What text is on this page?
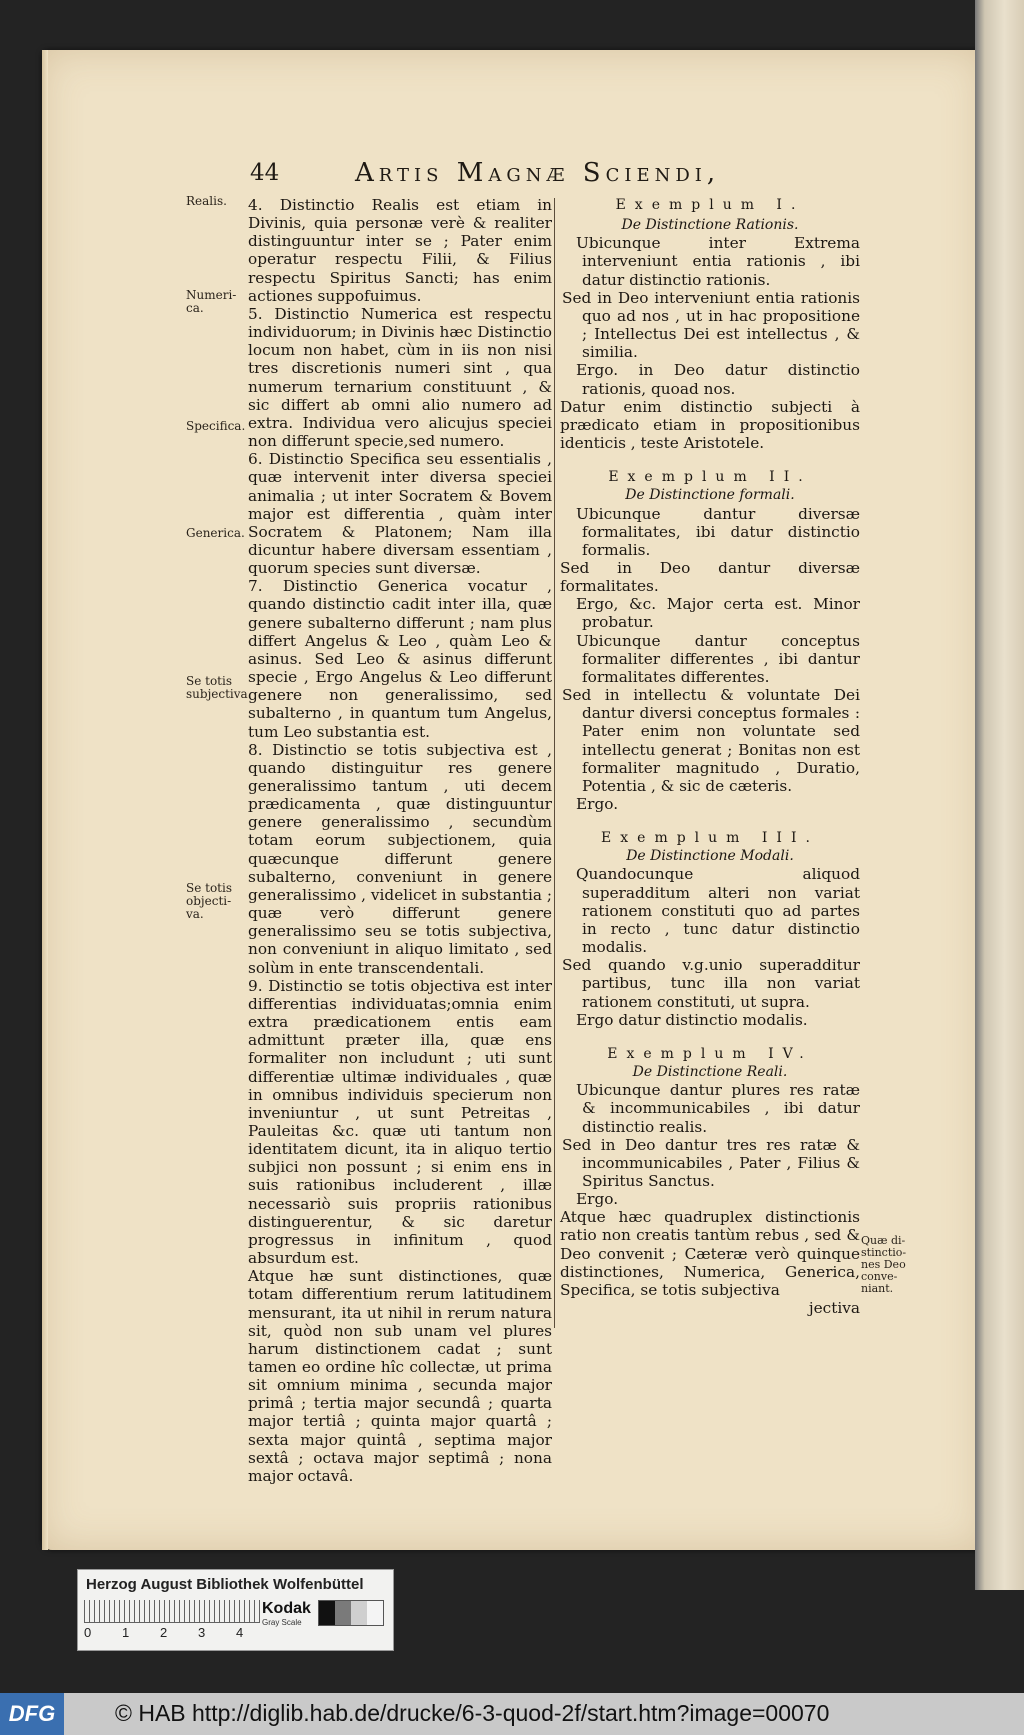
44	Artis Magnæ Sciendi,
Realis.
Numeri-
ca.
Specifica.
Generica.
Se totis
subjectiva.
Se totis
objecti-
va.
Quæ di-
stinctio-
nes Deo
conve-
niant.

4. Distinctio Realis est etiam in Divinis, quia personæ verè & realiter distinguuntur inter se ; Pater enim operatur respectu Filii, & Filius respectu Spiritus Sancti; has enim actiones suppofuimus.

5. Distinctio Numerica est respectu individuorum; in Divinis hæc Distinctio locum non habet, cùm in iis non nisi tres discretionis numeri sint , qua numerum ternarium constituunt , & sic differt ab omni alio numero ad extra. Individua vero alicujus speciei non differunt specie,sed numero.

6. Distinctio Specifica seu essentialis , quæ intervenit inter diversa speciei animalia ; ut inter Socratem & Bovem major est differentia , quàm inter Socratem & Platonem; Nam illa dicuntur habere diversam essentiam , quorum species sunt diversæ.

7. Distinctio Generica vocatur , quando distinctio cadit inter illa, quæ genere subalterno differunt ; nam plus differt Angelus & Leo , quàm Leo & asinus. Sed Leo & asinus differunt specie , Ergo Angelus & Leo differunt genere non generalissimo, sed subalterno , in quantum tum Angelus, tum Leo substantia est.

8. Distinctio se totis subjectiva est , quando distinguitur res genere generalissimo tantum , uti decem prædicamenta , quæ distinguuntur genere generalissimo , secundùm totam eorum subjectionem, quia quæcunque differunt genere subalterno, conveniunt in genere generalissimo , videlicet in substantia ; quæ verò differunt genere generalissimo seu se totis subjectiva, non conveniunt in aliquo limitato , sed solùm in ente transcendentali.

9. Distinctio se totis objectiva est inter differentias individuatas;omnia enim extra prædicationem entis eam admittunt præter illa, quæ ens formaliter non includunt ; uti sunt differentiæ ultimæ individuales , quæ in omnibus individuis specierum non inveniuntur , ut sunt Petreitas , Pauleitas &c. quæ uti tantum non identitatem dicunt, ita in aliquo tertio subjici non possunt ; si enim ens in suis rationibus includerent , illæ necessariò suis propriis rationibus distinguerentur, & sic daretur progressus in infinitum , quod absurdum est.

Atque hæ sunt distinctiones, quæ totam differentium rerum latitudinem mensurant, ita ut nihil in rerum natura sit, quòd non sub unam vel plures harum distinctionem cadat ; sunt tamen eo ordine hîc collectæ, ut prima sit omnium minima , secunda major primâ ; tertia major secundâ ; quarta major tertiâ ; quinta major quartâ ; sexta major quintâ , septima major sextâ ; octava major septimâ ; nona major octavâ.

Exemplum I.

De Distinctione Rationis.

Ubicunque inter Extrema interveniunt entia rationis , ibi datur distinctio rationis.

Sed in Deo interveniunt entia rationis quo ad nos , ut in hac propositione ; Intellectus Dei est intellectus , & similia.

Ergo. in Deo datur distinctio rationis, quoad nos.

Datur enim distinctio subjecti à prædicato etiam in propositionibus identicis , teste Aristotele.

Exemplum II.

De Distinctione formali.

Ubicunque dantur diversæ formalitates, ibi datur distinctio formalis.

Sed in Deo dantur diversæ formalitates.

Ergo, &c. Major certa est. Minor probatur.

Ubicunque dantur conceptus formaliter differentes , ibi dantur formalitates differentes.

Sed in intellectu & voluntate Dei dantur diversi conceptus formales : Pater enim non voluntate sed intellectu generat ; Bonitas non est formaliter magnitudo , Duratio, Potentia , & sic de cæteris.

Ergo.

Exemplum III.

De Distinctione Modali.

Quandocunque aliquod superadditum alteri non variat rationem constituti quo ad partes in recto , tunc datur distinctio modalis.

Sed quando v.g.unio superadditur partibus, tunc illa non variat rationem constituti, ut supra.

Ergo datur distinctio modalis.

Exemplum IV.

De Distinctione Reali.

Ubicunque dantur plures res ratæ & incommunicabiles , ibi datur distinctio realis.

Sed in Deo dantur tres res ratæ & incommunicabiles , Pater , Filius & Spiritus Sanctus.

Ergo.

Atque hæc quadruplex distinctionis ratio non creatis tantùm rebus , sed & Deo convenit ; Cæteræ verò quinque distinctiones, Numerica, Generica, Specifica, se totis subjectiva

jectiva

Herzog August Bibliothek Wolfenbüttel
0 1 2 3 4
Kodak
Gray Scale
DFG	© HAB http://diglib.hab.de/drucke/6-3-quod-2f/start.htm?image=00070
